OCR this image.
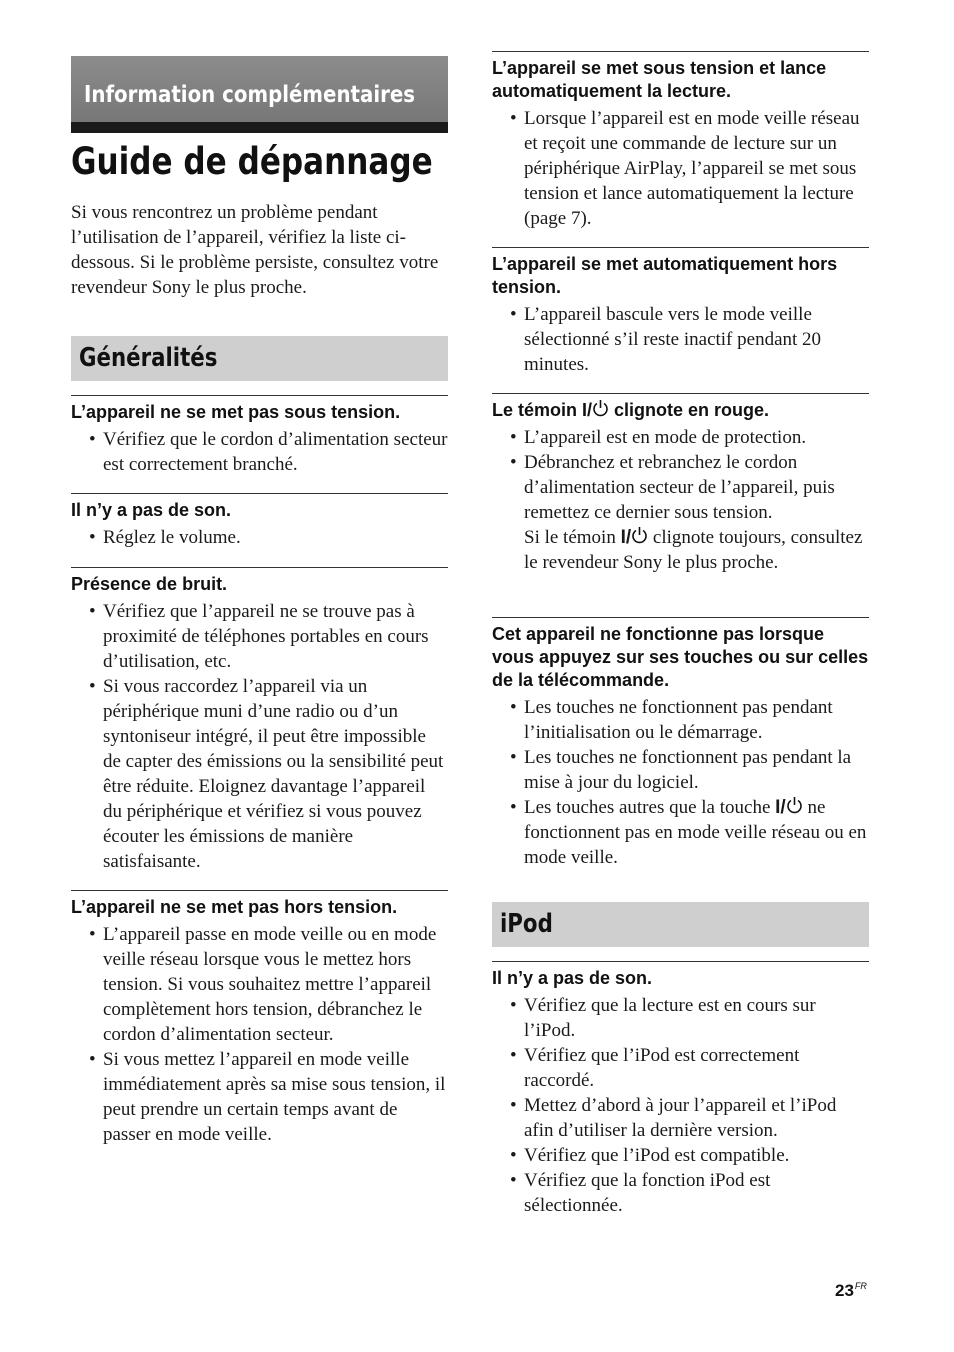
Information complémentaires
Guide de dépannage

Si vous rencontrez un problème pendant l’utilisation de l’appareil, vérifiez la liste ci-dessous. Si le problème persiste, consultez votre revendeur Sony le plus proche.

Généralités
L’appareil ne se met pas sous tension.
• Vérifiez que le cordon d’alimentation secteur est correctement branché.
Il n’y a pas de son.
• Réglez le volume.
Présence de bruit.
• Vérifiez que l’appareil ne se trouve pas à proximité de téléphones portables en cours d’utilisation, etc.
• Si vous raccordez l’appareil via un périphérique muni d’une radio ou d’un syntoniseur intégré, il peut être impossible de capter des émissions ou la sensibilité peut être réduite. Eloignez davantage l’appareil du périphérique et vérifiez si vous pouvez écouter les émissions de manière satisfaisante.
L’appareil ne se met pas hors tension.
• L’appareil passe en mode veille ou en mode veille réseau lorsque vous le mettez hors tension. Si vous souhaitez mettre l’appareil complètement hors tension, débranchez le cordon d’alimentation secteur.
• Si vous mettez l’appareil en mode veille immédiatement après sa mise sous tension, il peut prendre un certain temps avant de passer en mode veille.
L’appareil se met sous tension et lance automatiquement la lecture.
• Lorsque l’appareil est en mode veille réseau et reçoit une commande de lecture sur un périphérique AirPlay, l’appareil se met sous tension et lance automatiquement la lecture (page 7).
L’appareil se met automatiquement hors tension.
• L’appareil bascule vers le mode veille sélectionné s’il reste inactif pendant 20 minutes.
Le témoin I/ clignote en rouge.
• L’appareil est en mode de protection.
• Débranchez et rebranchez le cordon d’alimentation secteur de l’appareil, puis remettez ce dernier sous tension.
Si le témoin I/ clignote toujours, consultez le revendeur Sony le plus proche.
Cet appareil ne fonctionne pas lorsque vous appuyez sur ses touches ou sur celles de la télécommande.
• Les touches ne fonctionnent pas pendant l’initialisation ou le démarrage.
• Les touches ne fonctionnent pas pendant la mise à jour du logiciel.
• Les touches autres que la touche I/ ne fonctionnent pas en mode veille réseau ou en mode veille.
iPod
Il n’y a pas de son.
• Vérifiez que la lecture est en cours sur l’iPod.
• Vérifiez que l’iPod est correctement raccordé.
• Mettez d’abord à jour l’appareil et l’iPod afin d’utiliser la dernière version.
• Vérifiez que l’iPod est compatible.
• Vérifiez que la fonction iPod est sélectionnée.
$23^{FR}$
